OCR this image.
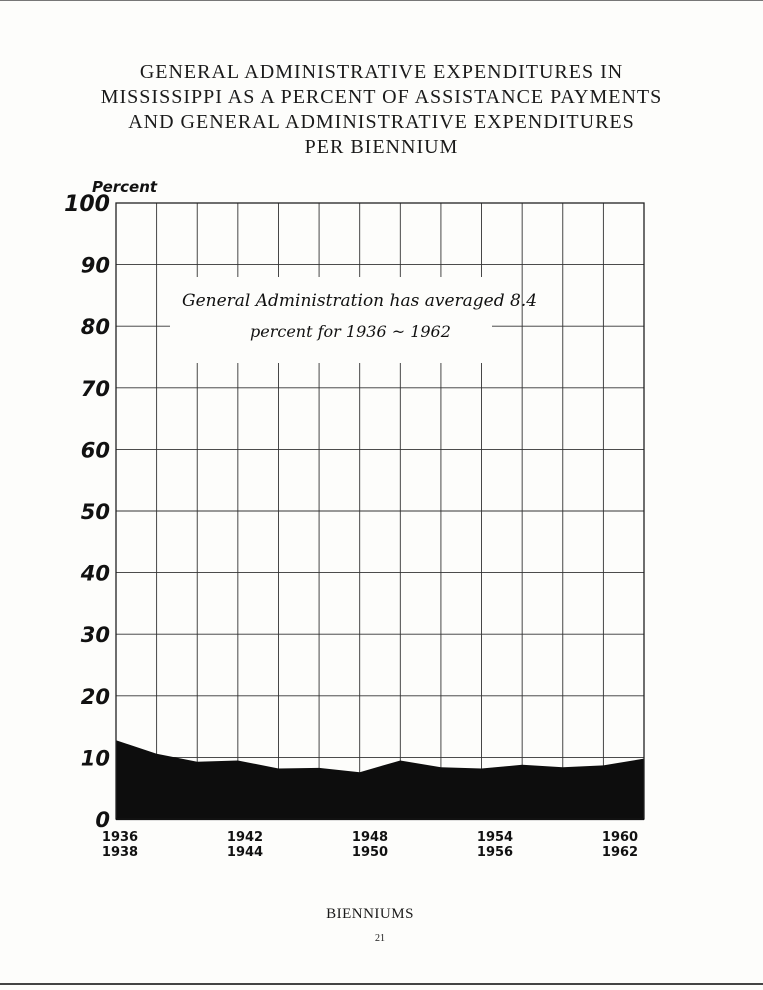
GENERAL ADMINISTRATIVE EXPENDITURES IN
MISSISSIPPI AS A PERCENT OF ASSISTANCE PAYMENTS
AND GENERAL ADMINISTRATIVE EXPENDITURES
PER BIENNIUM
General Administration has averaged 8.4
percent for 1936 ~ 1962
Percent
0
10
20
30
40
50
60
70
80
90
100
1936
1938
1942
1944
1948
1950
1954
1956
1960
1962
BIENNIUMS
21
